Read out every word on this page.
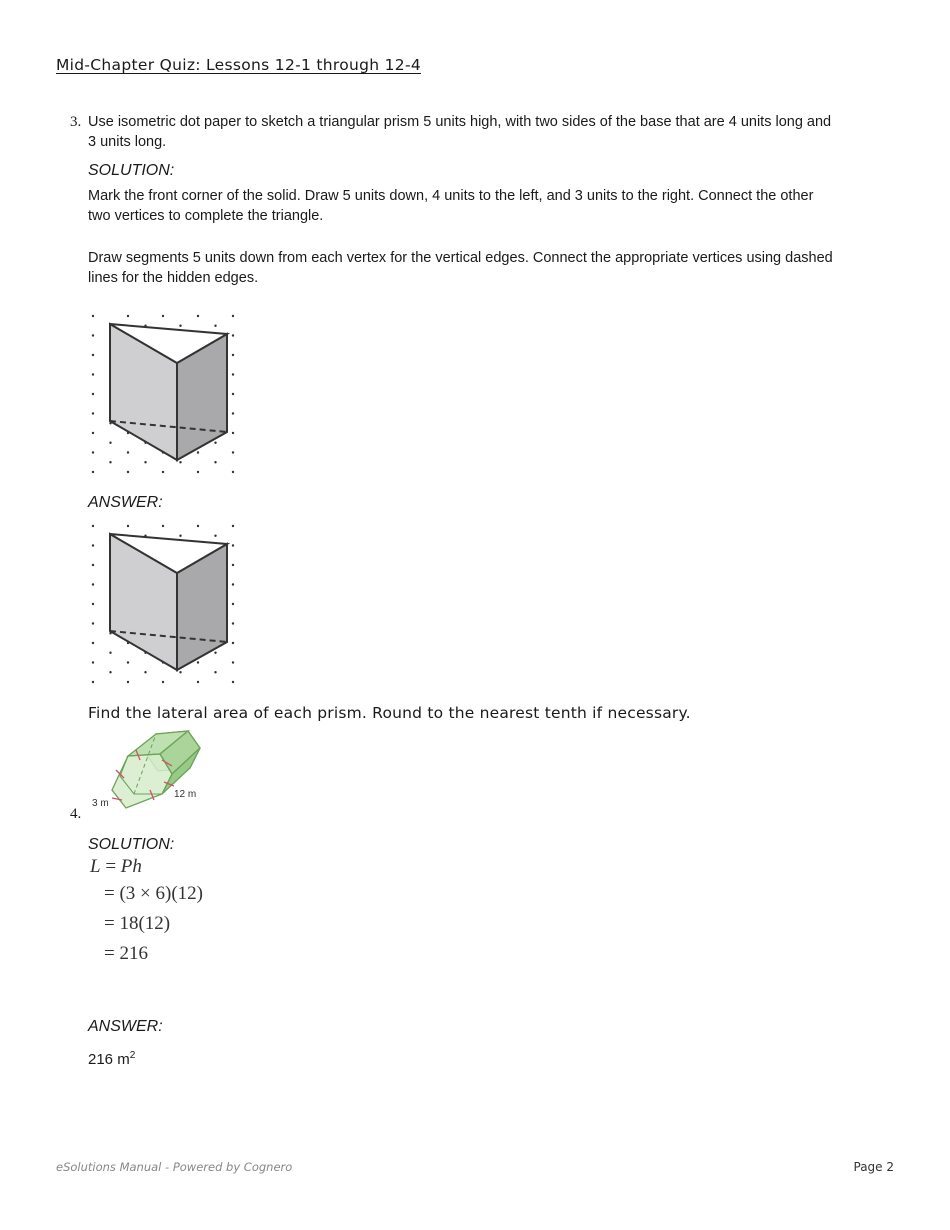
Mid-Chapter Quiz: Lessons 12-1 through 12-4
3. Use isometric dot paper to sketch a triangular prism 5 units high, with two sides of the base that are 4 units long and
3 units long.
SOLUTION:
Mark the front corner of the solid. Draw 5 units down, 4 units to the left, and 3 units to the right. Connect the other
two vertices to complete the triangle.
Draw segments 5 units down from each vertex for the vertical edges. Connect the appropriate vertices using dashed
lines for the hidden edges.
ANSWER:
Find the lateral area of each prism. Round to the nearest tenth if necessary.
3 m
12 m
4.
SOLUTION:
L = Ph
= (3 × 6)(12)
= 18(12)
= 216
ANSWER:
216 $m^2$
eSolutions Manual - Powered by Cognero	Page 2
